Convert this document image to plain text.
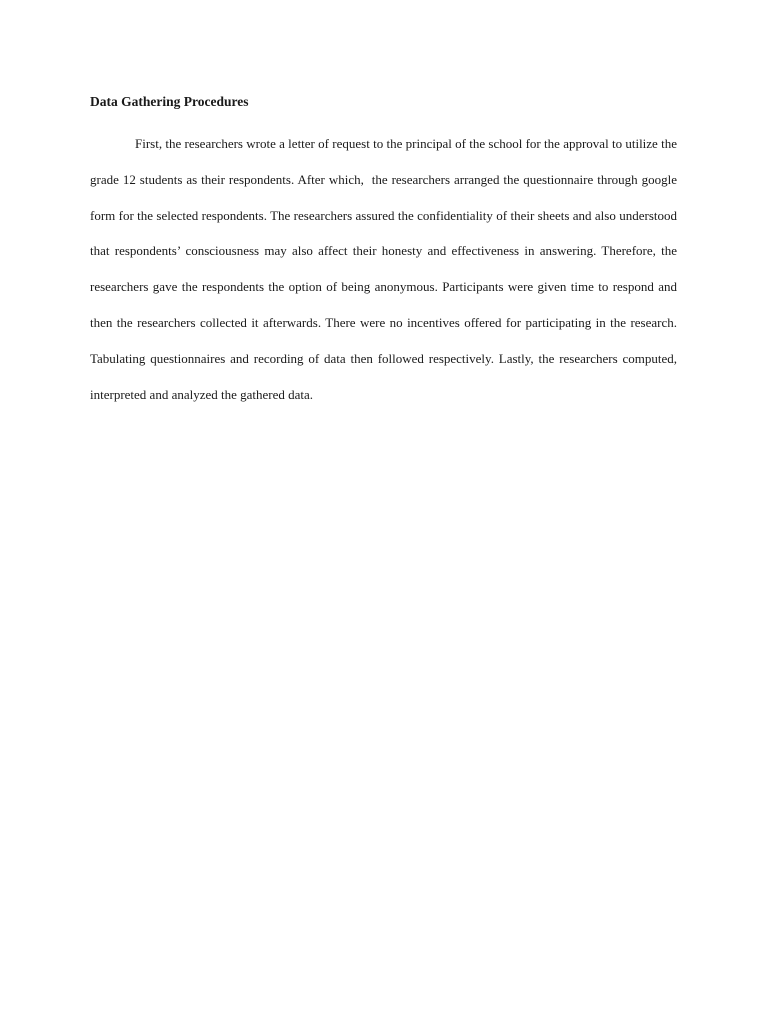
Data Gathering Procedures

First, the researchers wrote a letter of request to the principal of the school for the approval to utilize the grade 12 students as their respondents. After which,  the researchers arranged the questionnaire through google form for the selected respondents. The researchers assured the confidentiality of their sheets and also understood that respondents’ consciousness may also affect their honesty and effectiveness in answering. Therefore, the researchers gave the respondents the option of being anonymous. Participants were given time to respond and then the researchers collected it afterwards. There were no incentives offered for participating in the research. Tabulating questionnaires and recording of data then followed respectively. Lastly, the researchers computed, interpreted and analyzed the gathered data.
